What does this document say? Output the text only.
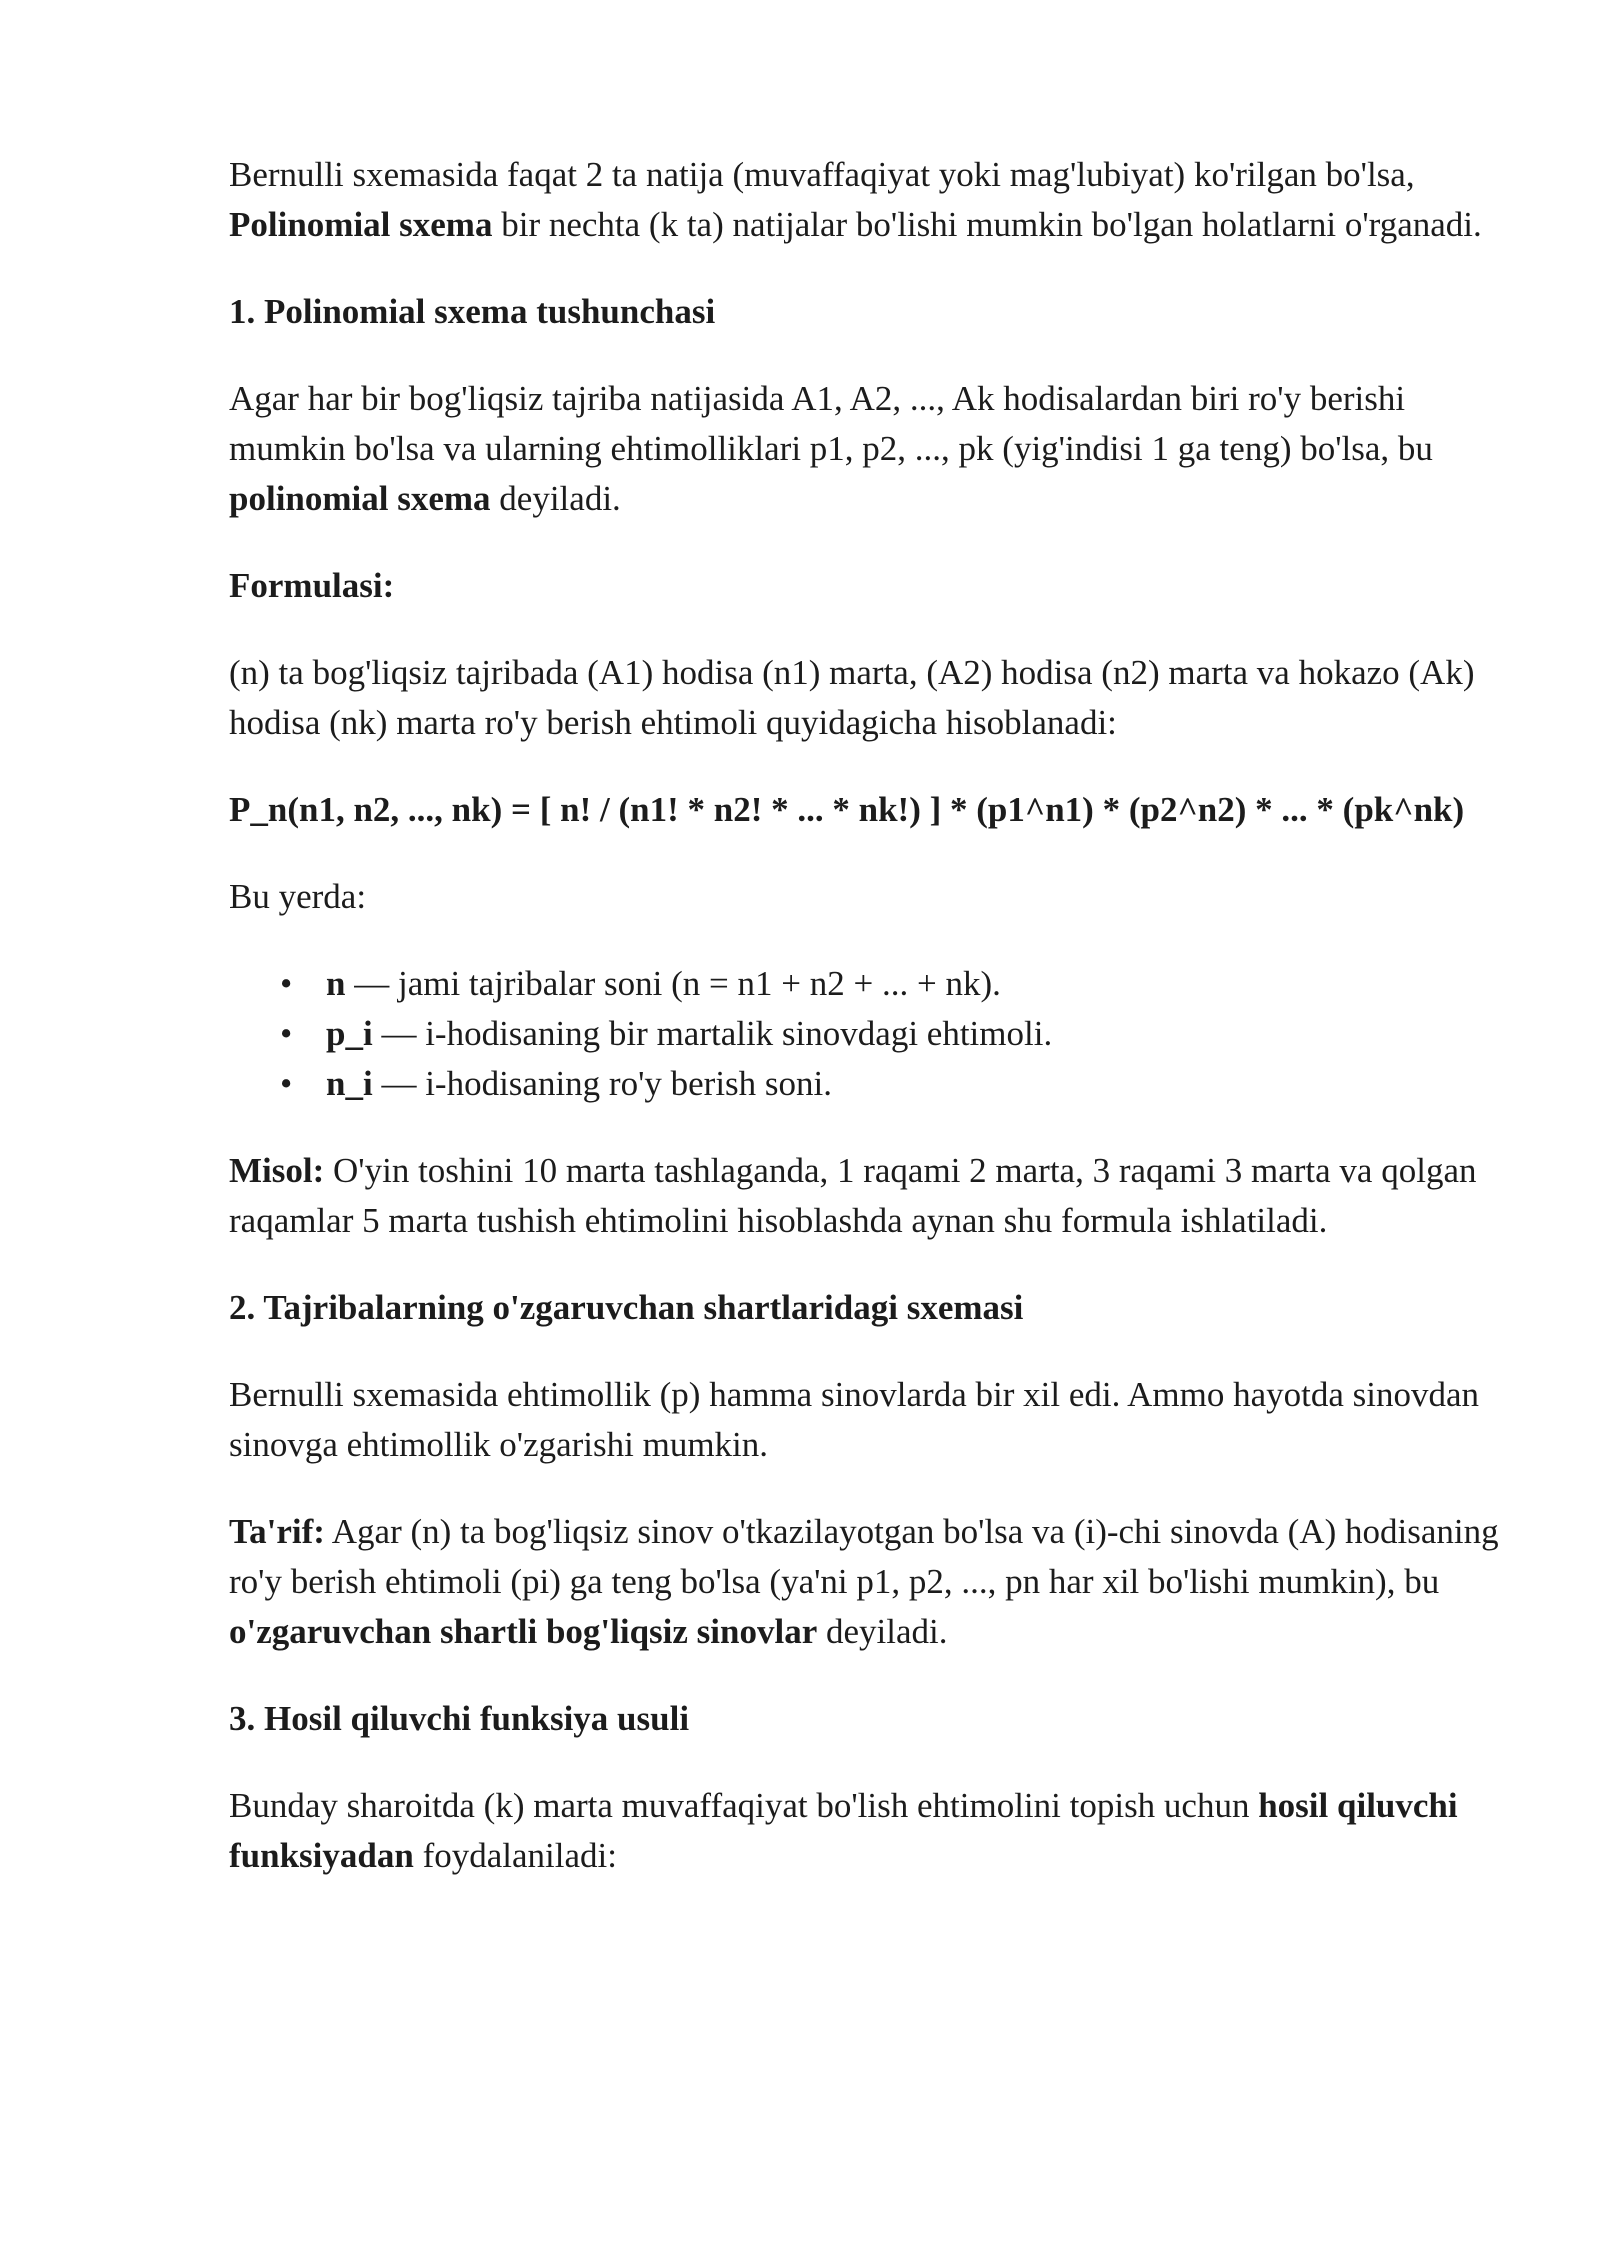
Bernulli sxemasida faqat 2 ta natija (muvaffaqiyat yoki mag'lubiyat) ko'rilgan bo'lsa, Polinomial sxema bir nechta (k ta) natijalar bo'lishi mumkin bo'lgan holatlarni o'rganadi.

1. Polinomial sxema tushunchasi

Agar har bir bog'liqsiz tajriba natijasida A1, A2, ..., Ak hodisalardan biri ro'y berishi mumkin bo'lsa va ularning ehtimolliklari p1, p2, ..., pk (yig'indisi 1 ga teng) bo'lsa, bu polinomial sxema deyiladi.

Formulasi:

(n) ta bog'liqsiz tajribada (A1) hodisa (n1) marta, (A2) hodisa (n2) marta va hokazo (Ak) hodisa (nk) marta ro'y berish ehtimoli quyidagicha hisoblanadi:

P_n(n1, n2, ..., nk) = [ n! / (n1! * n2! * ... * nk!) ] * (p1^n1) * (p2^n2) * ... * (pk^nk)

Bu yerda:

• n — jami tajribalar soni (n = n1 + n2 + ... + nk).
• p_i — i-hodisaning bir martalik sinovdagi ehtimoli.
• n_i — i-hodisaning ro'y berish soni.

Misol: O'yin toshini 10 marta tashlaganda, 1 raqami 2 marta, 3 raqami 3 marta va qolgan raqamlar 5 marta tushish ehtimolini hisoblashda aynan shu formula ishlatiladi.

2. Tajribalarning o'zgaruvchan shartlaridagi sxemasi

Bernulli sxemasida ehtimollik (p) hamma sinovlarda bir xil edi. Ammo hayotda sinovdan sinovga ehtimollik o'zgarishi mumkin.

Ta'rif: Agar (n) ta bog'liqsiz sinov o'tkazilayotgan bo'lsa va (i)-chi sinovda (A) hodisaning ro'y berish ehtimoli (pi) ga teng bo'lsa (ya'ni p1, p2, ..., pn har xil bo'lishi mumkin), bu o'zgaruvchan shartli bog'liqsiz sinovlar deyiladi.

3. Hosil qiluvchi funksiya usuli

Bunday sharoitda (k) marta muvaffaqiyat bo'lish ehtimolini topish uchun hosil qiluvchi funksiyadan foydalaniladi:
